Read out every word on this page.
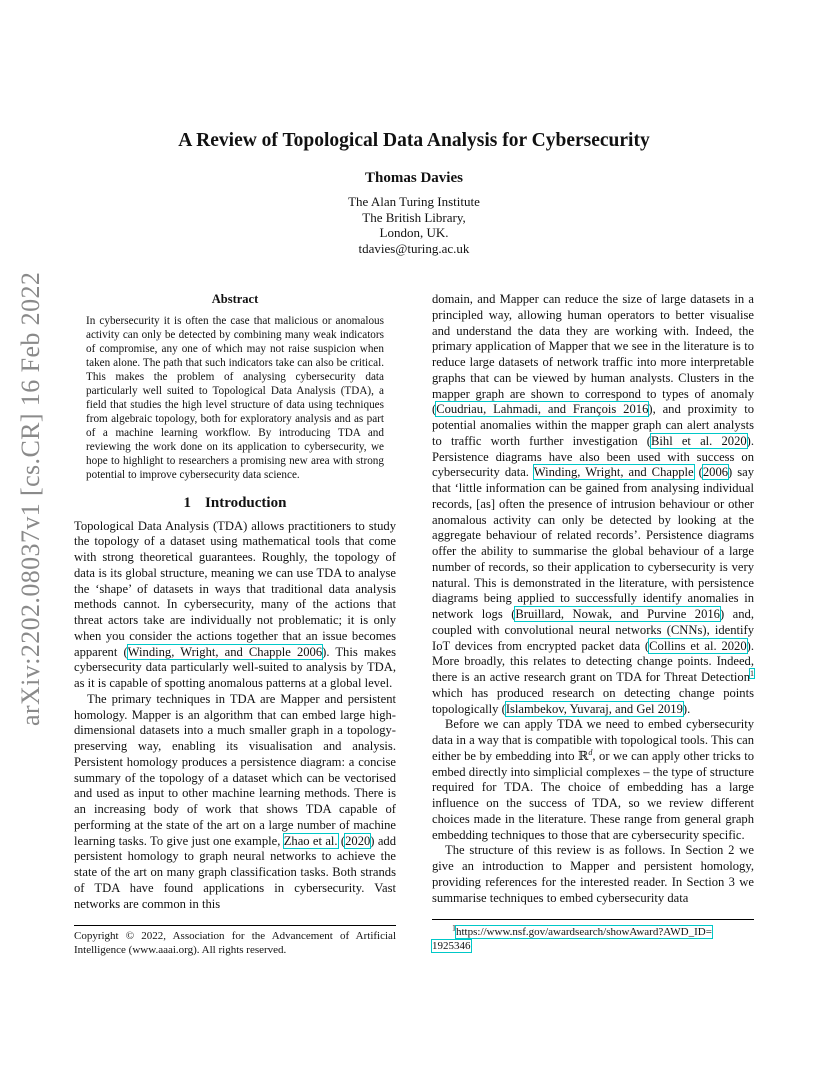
arXiv:2202.08037v1 [cs.CR] 16 Feb 2022
A Review of Topological Data Analysis for Cybersecurity
Thomas Davies
The Alan Turing Institute
The British Library,
London, UK.
tdavies@turing.ac.uk
Abstract
In cybersecurity it is often the case that malicious or anomalous activity can only be detected by combining many weak indicators of compromise, any one of which may not raise suspicion when taken alone. The path that such indicators take can also be critical. This makes the problem of analysing cybersecurity data particularly well suited to Topological Data Analysis (TDA), a field that studies the high level structure of data using techniques from algebraic topology, both for exploratory analysis and as part of a machine learning workflow. By introducing TDA and reviewing the work done on its application to cybersecurity, we hope to highlight to researchers a promising new area with strong potential to improve cybersecurity data science.
1 Introduction

Topological Data Analysis (TDA) allows practitioners to study the topology of a dataset using mathematical tools that come with strong theoretical guarantees. Roughly, the topology of data is its global structure, meaning we can use TDA to analyse the ‘shape’ of datasets in ways that traditional data analysis methods cannot. In cybersecurity, many of the actions that threat actors take are individually not problematic; it is only when you consider the actions together that an issue becomes apparent (Winding, Wright, and Chapple 2006). This makes cybersecurity data particularly well-suited to analysis by TDA, as it is capable of spotting anomalous patterns at a global level.

The primary techniques in TDA are Mapper and persistent homology. Mapper is an algorithm that can embed large high-dimensional datasets into a much smaller graph in a topology-preserving way, enabling its visualisation and analysis. Persistent homology produces a persistence diagram: a concise summary of the topology of a dataset which can be vectorised and used as input to other machine learning methods. There is an increasing body of work that shows TDA capable of performing at the state of the art on a large number of machine learning tasks. To give just one example, Zhao et al. (2020) add persistent homology to graph neural networks to achieve the state of the art on many graph classification tasks. Both strands of TDA have found applications in cybersecurity. Vast networks are common in this

domain, and Mapper can reduce the size of large datasets in a principled way, allowing human operators to better visualise and understand the data they are working with. Indeed, the primary application of Mapper that we see in the literature is to reduce large datasets of network traffic into more interpretable graphs that can be viewed by human analysts. Clusters in the mapper graph are shown to correspond to types of anomaly (Coudriau, Lahmadi, and François 2016), and proximity to potential anomalies within the mapper graph can alert analysts to traffic worth further investigation (Bihl et al. 2020). Persistence diagrams have also been used with success on cybersecurity data. Winding, Wright, and Chapple (2006) say that ‘little information can be gained from analysing individual records, [as] often the presence of intrusion behaviour or other anomalous activity can only be detected by looking at the aggregate behaviour of related records’. Persistence diagrams offer the ability to summarise the global behaviour of a large number of records, so their application to cybersecurity is very natural. This is demonstrated in the literature, with persistence diagrams being applied to successfully identify anomalies in network logs (Bruillard, Nowak, and Purvine 2016) and, coupled with convolutional neural networks (CNNs), identify IoT devices from encrypted packet data (Collins et al. 2020). More broadly, this relates to detecting change points. Indeed, there is an active research grant on TDA for Threat Detection$^1$ which has produced research on detecting change points topologically (Islambekov, Yuvaraj, and Gel 2019).

Before we can apply TDA we need to embed cybersecurity data in a way that is compatible with topological tools. This can either be by embedding into ℝ$^d$, or we can apply other tricks to embed directly into simplicial complexes – the type of structure required for TDA. The choice of embedding has a large influence on the success of TDA, so we review different choices made in the literature. These range from general graph embedding techniques to those that are cybersecurity specific.

The structure of this review is as follows. In Section 2 we give an introduction to Mapper and persistent homology, providing references for the interested reader. In Section 3 we summarise techniques to embed cybersecurity data

Copyright © 2022, Association for the Advancement of Artificial Intelligence (www.aaai.org). All rights reserved.
$^1$https://www.nsf.gov/awardsearch/showAward?AWD_ID=
1925346
